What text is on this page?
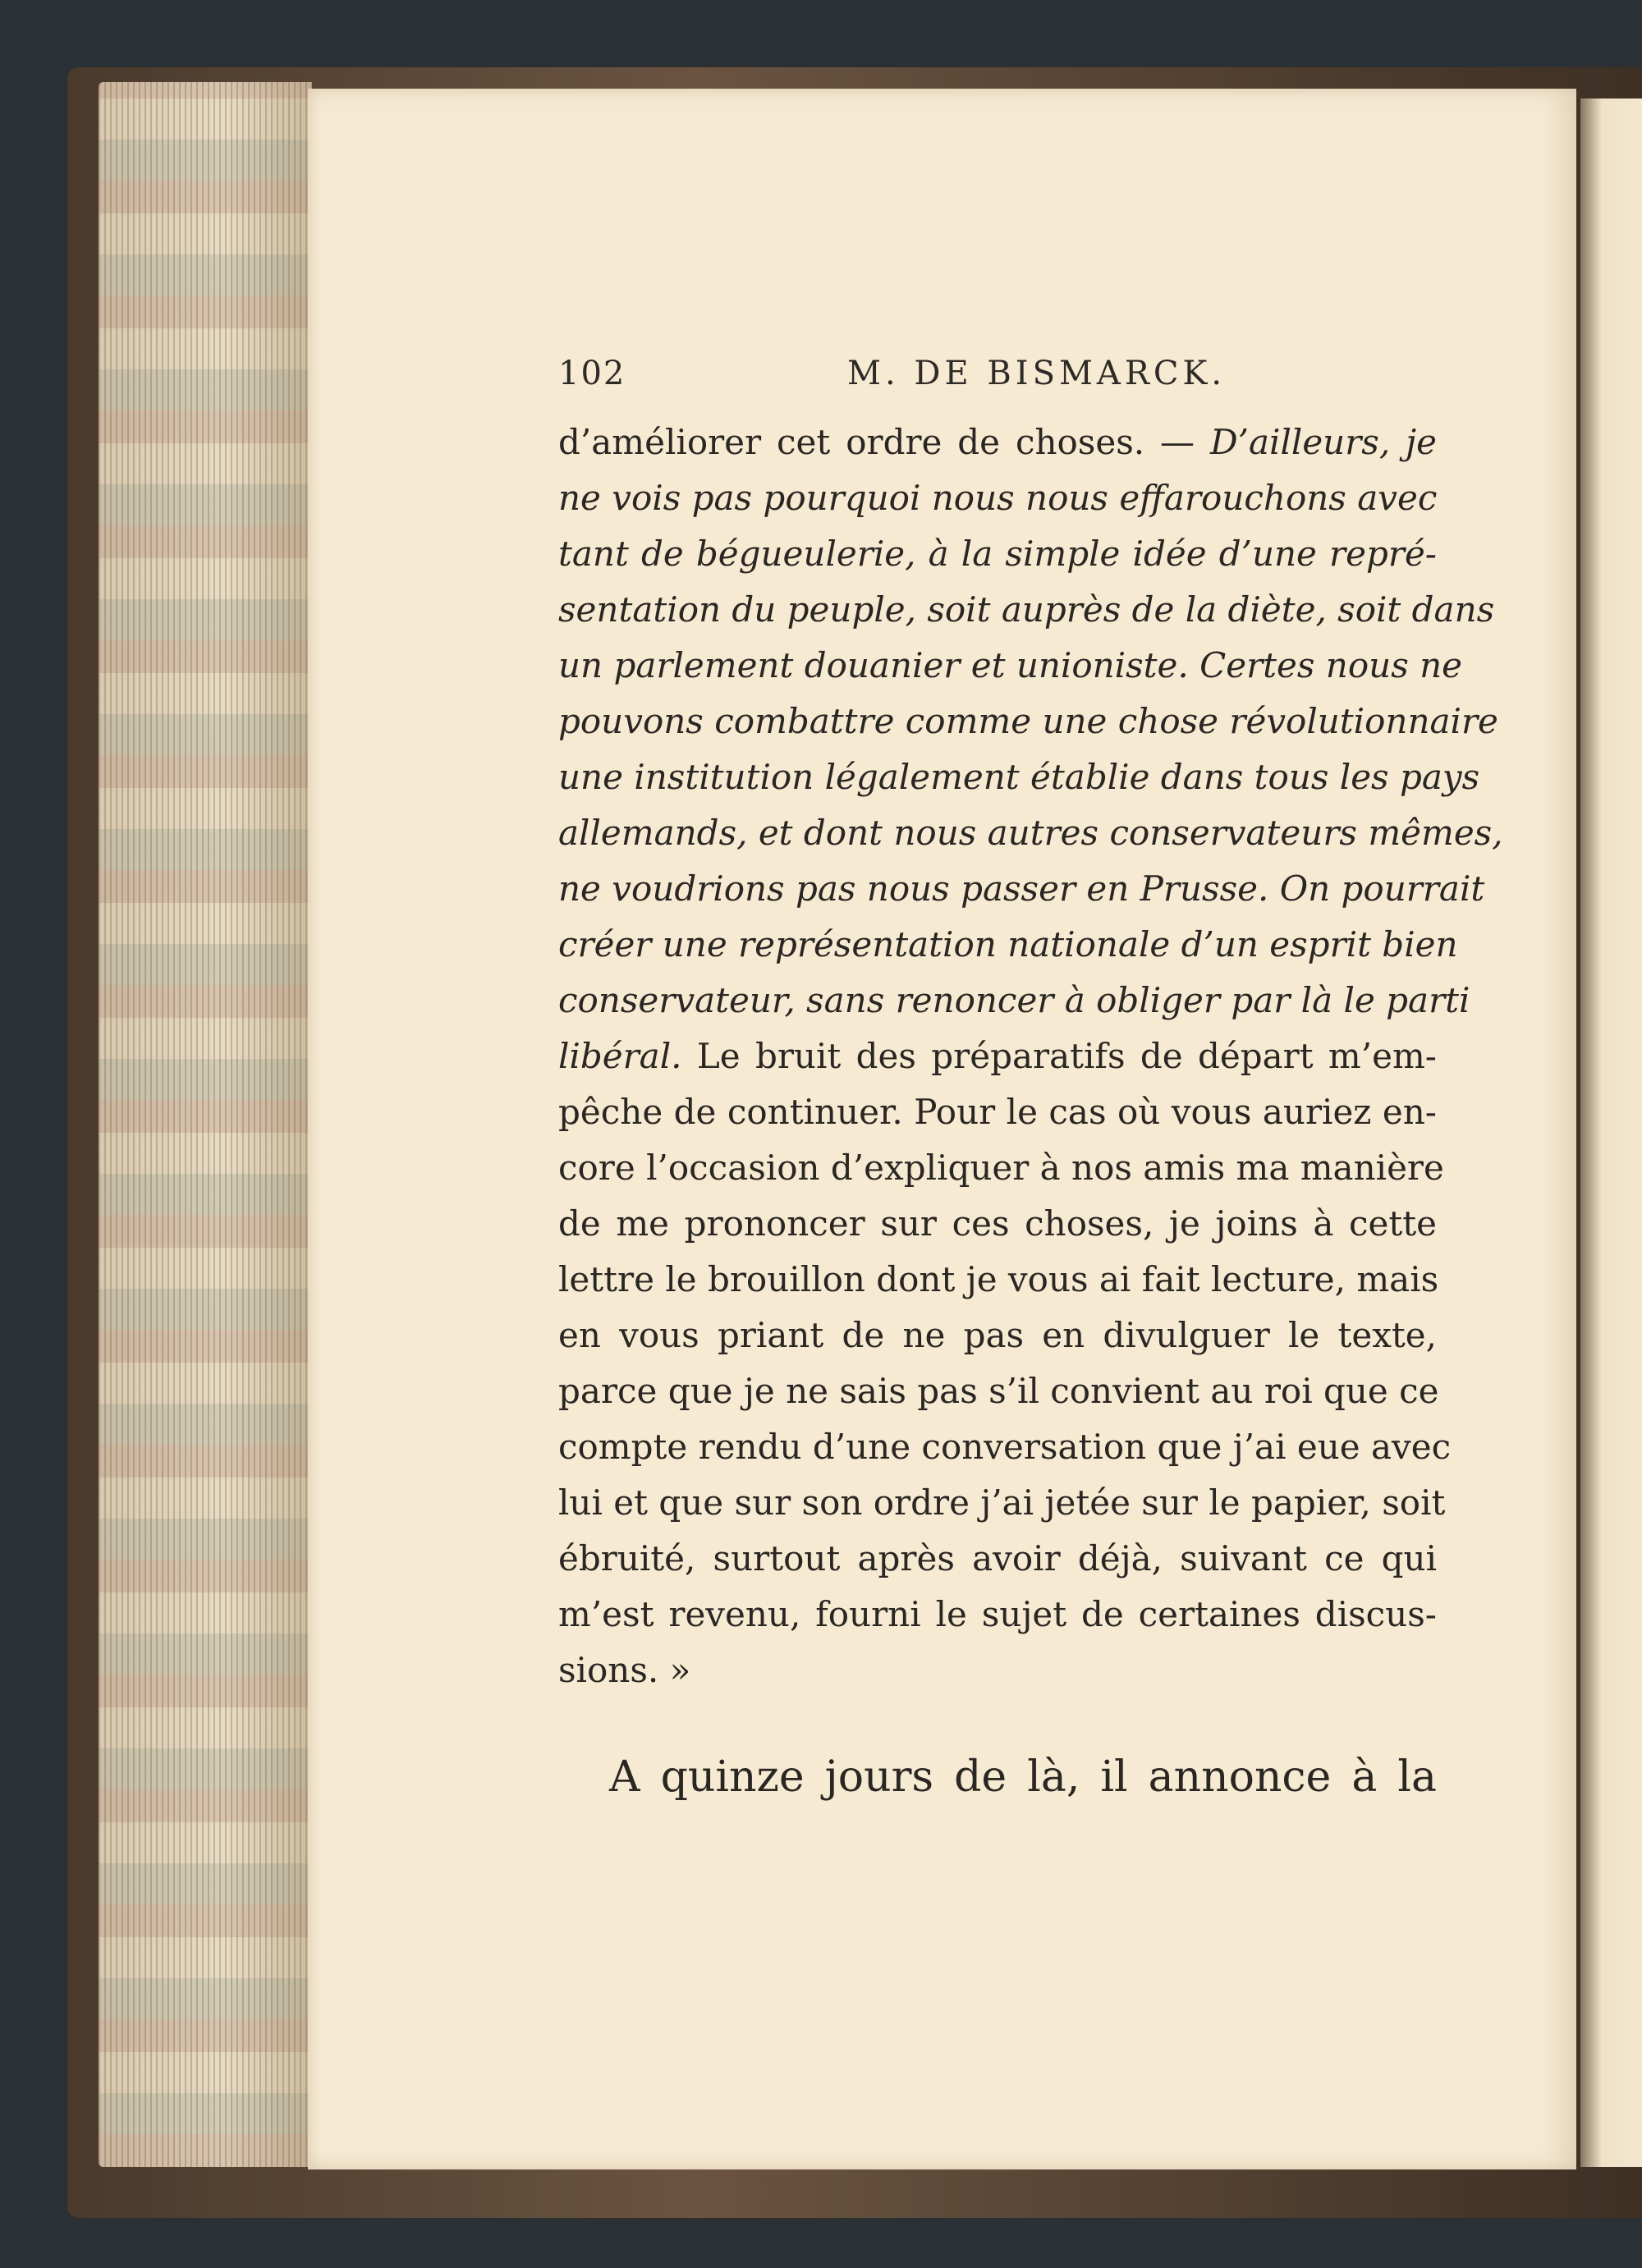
102	M. DE BISMARCK.
d’améliorer cet ordre de choses. — D’ailleurs, je
ne vois pas pourquoi nous nous effarouchons avec
tant de bégueulerie, à la simple idée d’une repré-
sentation du peuple, soit auprès de la diète, soit dans
un parlement douanier et unioniste. Certes nous ne
pouvons combattre comme une chose révolutionnaire
une institution légalement établie dans tous les pays
allemands, et dont nous autres conservateurs mêmes,
ne voudrions pas nous passer en Prusse. On pourrait
créer une représentation nationale d’un esprit bien
conservateur, sans renoncer à obliger par là le parti
libéral. Le bruit des préparatifs de départ m’em-
pêche de continuer. Pour le cas où vous auriez en-
core l’occasion d’expliquer à nos amis ma manière
de me prononcer sur ces choses, je joins à cette
lettre le brouillon dont je vous ai fait lecture, mais
en vous priant de ne pas en divulguer le texte,
parce que je ne sais pas s’il convient au roi que ce
compte rendu d’une conversation que j’ai eue avec
lui et que sur son ordre j’ai jetée sur le papier, soit
ébruité, surtout après avoir déjà, suivant ce qui
m’est revenu, fourni le sujet de certaines discus-
sions. »
A quinze jours de là, il annonce à la
